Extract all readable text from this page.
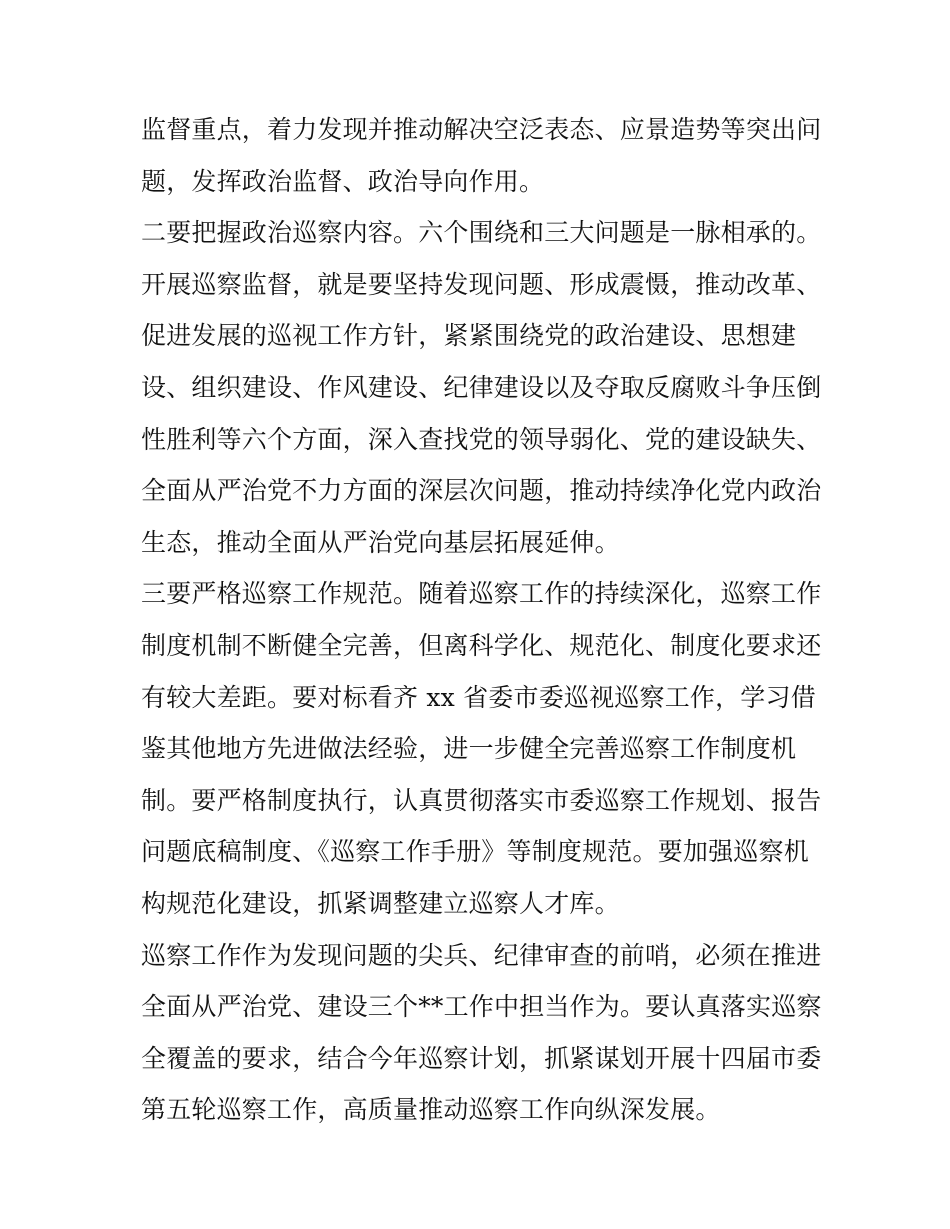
监督重点，着力发现并推动解决空泛表态、应景造势等突出问
题，发挥政治监督、政治导向作用。
二要把握政治巡察内容。六个围绕和三大问题是一脉相承的。
开展巡察监督，就是要坚持发现问题、形成震慑，推动改革、
促进发展的巡视工作方针，紧紧围绕党的政治建设、思想建
设、组织建设、作风建设、纪律建设以及夺取反腐败斗争压倒
性胜利等六个方面，深入查找党的领导弱化、党的建设缺失、
全面从严治党不力方面的深层次问题，推动持续净化党内政治
生态，推动全面从严治党向基层拓展延伸。
三要严格巡察工作规范。随着巡察工作的持续深化，巡察工作
制度机制不断健全完善，但离科学化、规范化、制度化要求还
有较大差距。要对标看齐 xx 省委市委巡视巡察工作，学习借
鉴其他地方先进做法经验，进一步健全完善巡察工作制度机
制。要严格制度执行，认真贯彻落实市委巡察工作规划、报告
问题底稿制度、《巡察工作手册》等制度规范。要加强巡察机
构规范化建设，抓紧调整建立巡察人才库。
巡察工作作为发现问题的尖兵、纪律审查的前哨，必须在推进
全面从严治党、建设三个**工作中担当作为。要认真落实巡察
全覆盖的要求，结合今年巡察计划，抓紧谋划开展十四届市委
第五轮巡察工作，高质量推动巡察工作向纵深发展。
